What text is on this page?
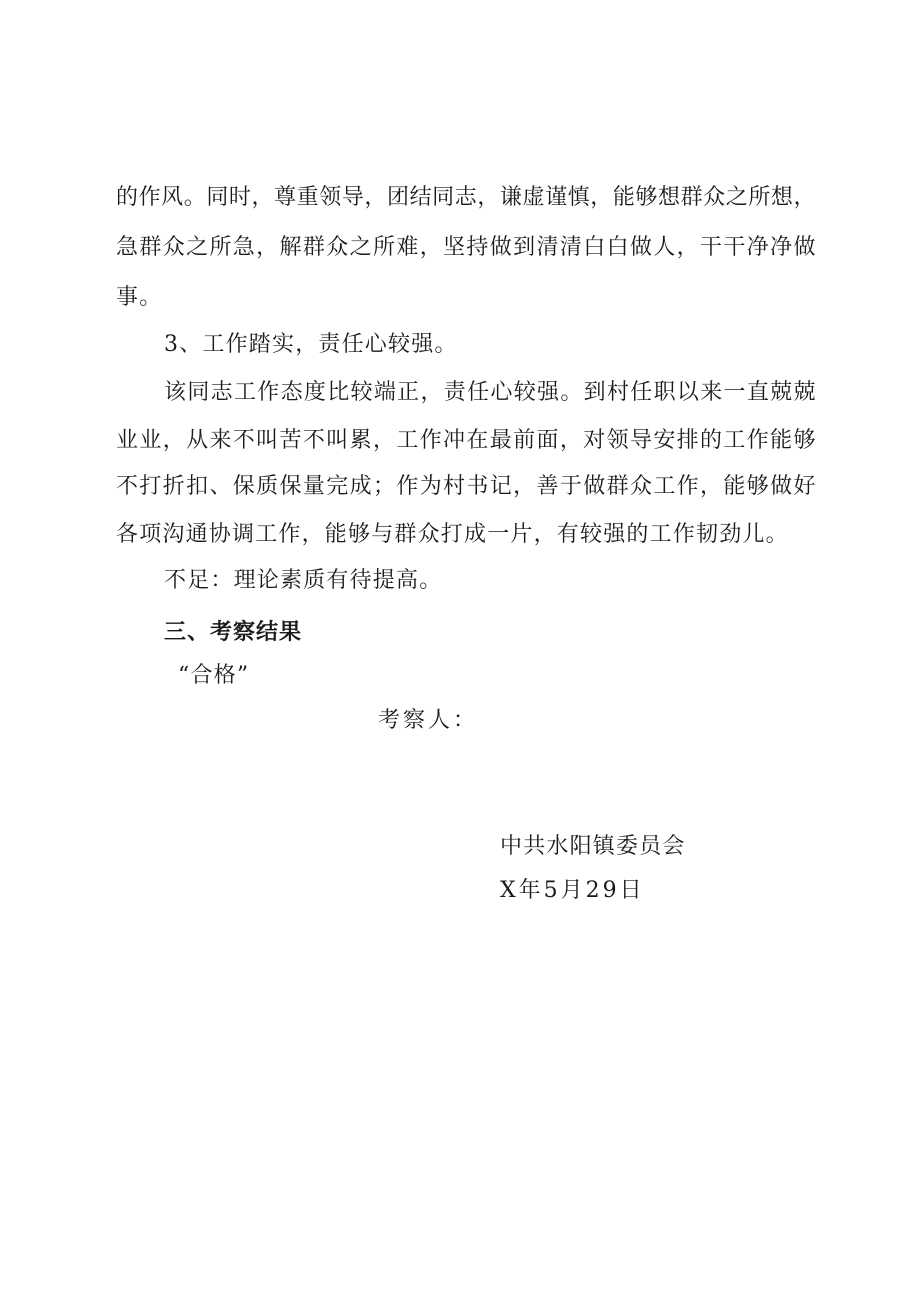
的作风。同时，尊重领导，团结同志，谦虚谨慎，能够想群众之所想，
急群众之所急，解群众之所难，坚持做到清清白白做人，干干净净做
事。
3、工作踏实，责任心较强。
该同志工作态度比较端正，责任心较强。到村任职以来一直兢兢
业业，从来不叫苦不叫累，工作冲在最前面，对领导安排的工作能够
不打折扣、保质保量完成；作为村书记，善于做群众工作，能够做好
各项沟通协调工作，能够与群众打成一片，有较强的工作韧劲儿。
不足：理论素质有待提高。
三、考察结果
“合格”
考察人：
中共水阳镇委员会
X年5月29日
